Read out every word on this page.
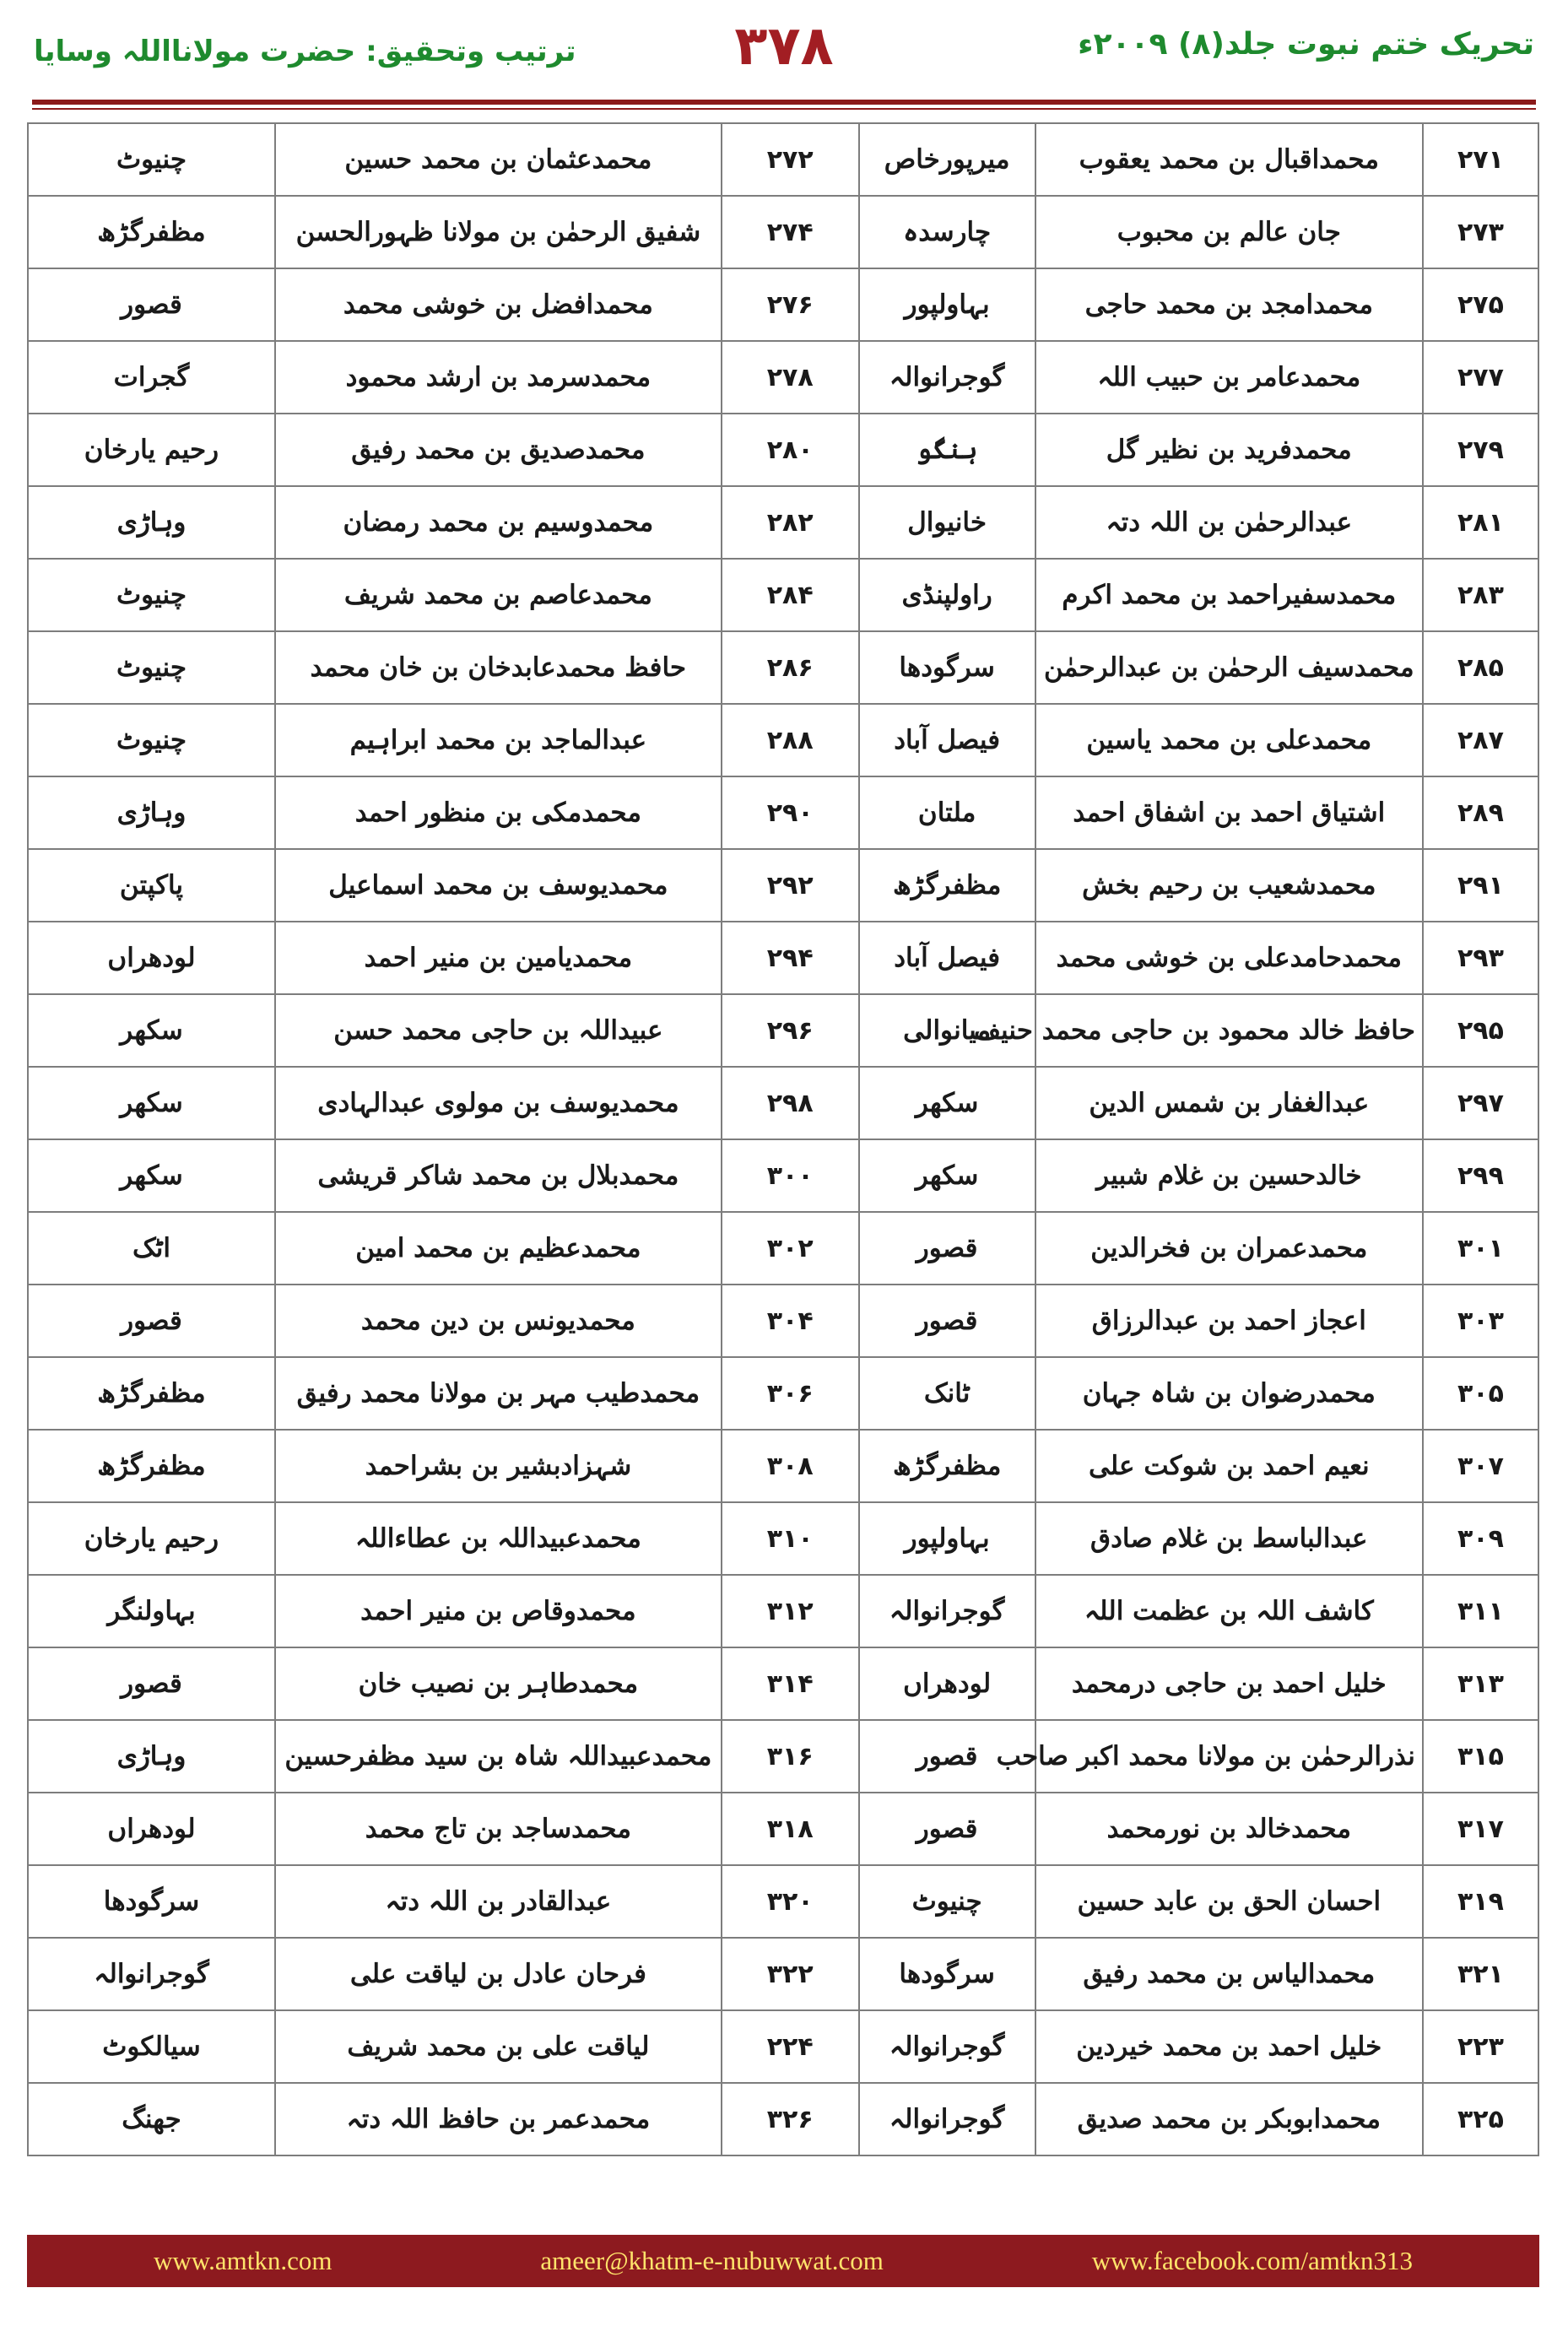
تحریک ختم نبوت جلد(۸) ۲۰۰۹ء
۳۷۸
ترتیب وتحقیق: حضرت مولانااللہ وسایا
۲۷۱	محمداقبال بن محمد یعقوب	میرپورخاص	۲۷۲	محمدعثمان بن محمد حسین	چنیوٹ
۲۷۳	جان عالم بن محبوب	چارسدہ	۲۷۴	شفیق الرحمٰن بن مولانا ظہورالحسن	مظفرگڑھ
۲۷۵	محمدامجد بن محمد حاجی	بہاولپور	۲۷۶	محمدافضل بن خوشی محمد	قصور
۲۷۷	محمدعامر بن حبیب اللہ	گوجرانوالہ	۲۷۸	محمدسرمد بن ارشد محمود	گجرات
۲۷۹	محمدفرید بن نظیر گل	ہنگو	۲۸۰	محمدصدیق بن محمد رفیق	رحیم یارخان
۲۸۱	عبدالرحمٰن بن اللہ دتہ	خانیوال	۲۸۲	محمدوسیم بن محمد رمضان	وہاڑی
۲۸۳	محمدسفیراحمد بن محمد اکرم	راولپنڈی	۲۸۴	محمدعاصم بن محمد شریف	چنیوٹ
۲۸۵	محمدسیف الرحمٰن بن عبدالرحمٰن	سرگودھا	۲۸۶	حافظ محمدعابدخان بن خان محمد	چنیوٹ
۲۸۷	محمدعلی بن محمد یاسین	فیصل آباد	۲۸۸	عبدالماجد بن محمد ابراہیم	چنیوٹ
۲۸۹	اشتیاق احمد بن اشفاق احمد	ملتان	۲۹۰	محمدمکی بن منظور احمد	وہاڑی
۲۹۱	محمدشعیب بن رحیم بخش	مظفرگڑھ	۲۹۲	محمدیوسف بن محمد اسماعیل	پاکپتن
۲۹۳	محمدحامدعلی بن خوشی محمد	فیصل آباد	۲۹۴	محمدیامین بن منیر احمد	لودھراں
۲۹۵	حافظ خالد محمود بن حاجی محمد حنیف	میانوالی	۲۹۶	عبیداللہ بن حاجی محمد حسن	سکھر
۲۹۷	عبدالغفار بن شمس الدین	سکھر	۲۹۸	محمدیوسف بن مولوی عبدالہادی	سکھر
۲۹۹	خالدحسین بن غلام شبیر	سکھر	۳۰۰	محمدبلال بن محمد شاکر قریشی	سکھر
۳۰۱	محمدعمران بن فخرالدین	قصور	۳۰۲	محمدعظیم بن محمد امین	اٹک
۳۰۳	اعجاز احمد بن عبدالرزاق	قصور	۳۰۴	محمدیونس بن دین محمد	قصور
۳۰۵	محمدرضوان بن شاہ جہان	ٹانک	۳۰۶	محمدطیب مہر بن مولانا محمد رفیق	مظفرگڑھ
۳۰۷	نعیم احمد بن شوکت علی	مظفرگڑھ	۳۰۸	شہزادبشیر بن بشراحمد	مظفرگڑھ
۳۰۹	عبدالباسط بن غلام صادق	بہاولپور	۳۱۰	محمدعبیداللہ بن عطاءاللہ	رحیم یارخان
۳۱۱	کاشف اللہ بن عظمت اللہ	گوجرانوالہ	۳۱۲	محمدوقاص بن منیر احمد	بہاولنگر
۳۱۳	خلیل احمد بن حاجی درمحمد	لودھراں	۳۱۴	محمدطاہر بن نصیب خان	قصور
۳۱۵	نذرالرحمٰن بن مولانا محمد اکبر صاحب	قصور	۳۱۶	محمدعبیداللہ شاہ بن سید مظفرحسین	وہاڑی
۳۱۷	محمدخالد بن نورمحمد	قصور	۳۱۸	محمدساجد بن تاج محمد	لودھراں
۳۱۹	احسان الحق بن عابد حسین	چنیوٹ	۳۲۰	عبدالقادر بن اللہ دتہ	سرگودھا
۳۲۱	محمدالیاس بن محمد رفیق	سرگودھا	۳۲۲	فرحان عادل بن لیاقت علی	گوجرانوالہ
۲۲۳	خلیل احمد بن محمد خیردین	گوجرانوالہ	۲۲۴	لیاقت علی بن محمد شریف	سیالکوٹ
۳۲۵	محمدابوبکر بن محمد صدیق	گوجرانوالہ	۳۲۶	محمدعمر بن حافظ اللہ دتہ	جھنگ
www.amtkn.com	ameer@khatm-e-nubuwwat.com	www.facebook.com/amtkn313
